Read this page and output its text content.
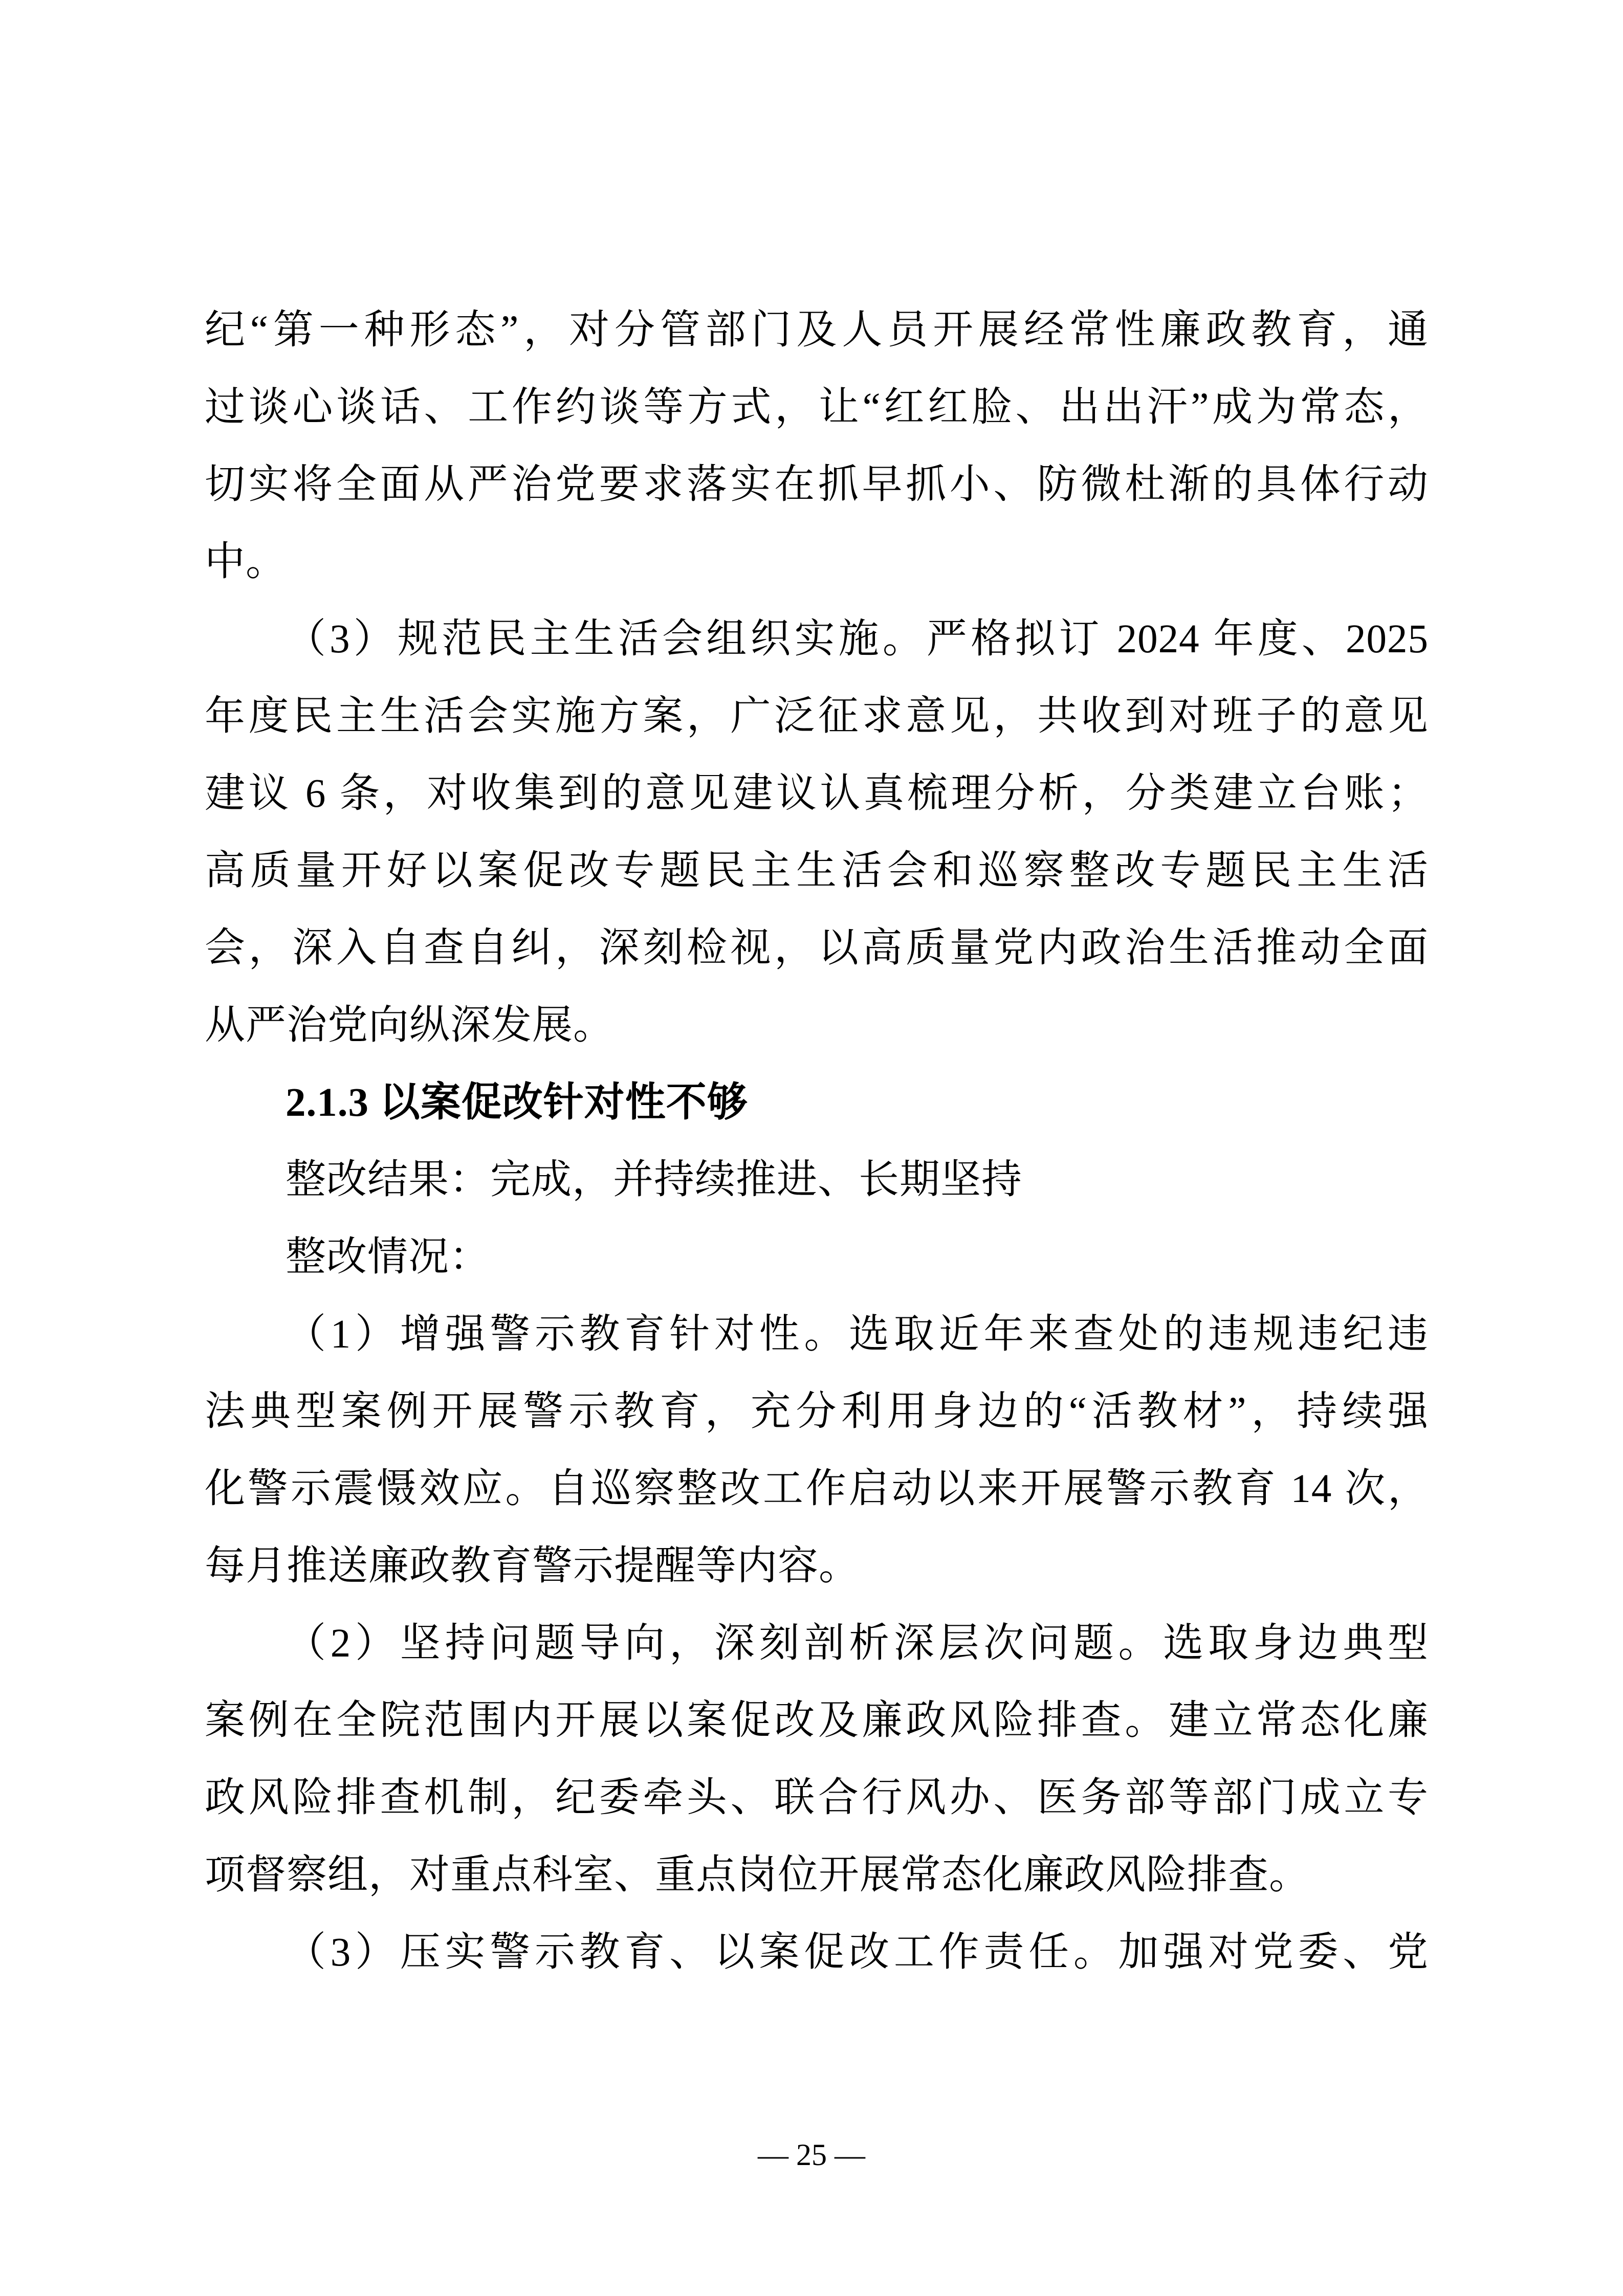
纪“第一种形态”，对分管部门及人员开展经常性廉政教育，通
过谈心谈话、工作约谈等方式，让“红红脸、出出汗”成为常态，
切实将全面从严治党要求落实在抓早抓小、防微杜渐的具体行动
中。
（3）规范民主生活会组织实施。严格拟订 2024 年度、2025
年度民主生活会实施方案，广泛征求意见，共收到对班子的意见
建议 6 条，对收集到的意见建议认真梳理分析，分类建立台账；
高质量开好以案促改专题民主生活会和巡察整改专题民主生活
会，深入自查自纠，深刻检视，以高质量党内政治生活推动全面
从严治党向纵深发展。
2.1.3 以案促改针对性不够
整改结果：完成，并持续推进、长期坚持
整改情况：
（1）增强警示教育针对性。选取近年来查处的违规违纪违
法典型案例开展警示教育，充分利用身边的“活教材”，持续强
化警示震慑效应。自巡察整改工作启动以来开展警示教育 14 次，
每月推送廉政教育警示提醒等内容。
（2）坚持问题导向，深刻剖析深层次问题。选取身边典型
案例在全院范围内开展以案促改及廉政风险排查。建立常态化廉
政风险排查机制，纪委牵头、联合行风办、医务部等部门成立专
项督察组，对重点科室、重点岗位开展常态化廉政风险排查。
（3）压实警示教育、以案促改工作责任。加强对党委、党
— 25 —
